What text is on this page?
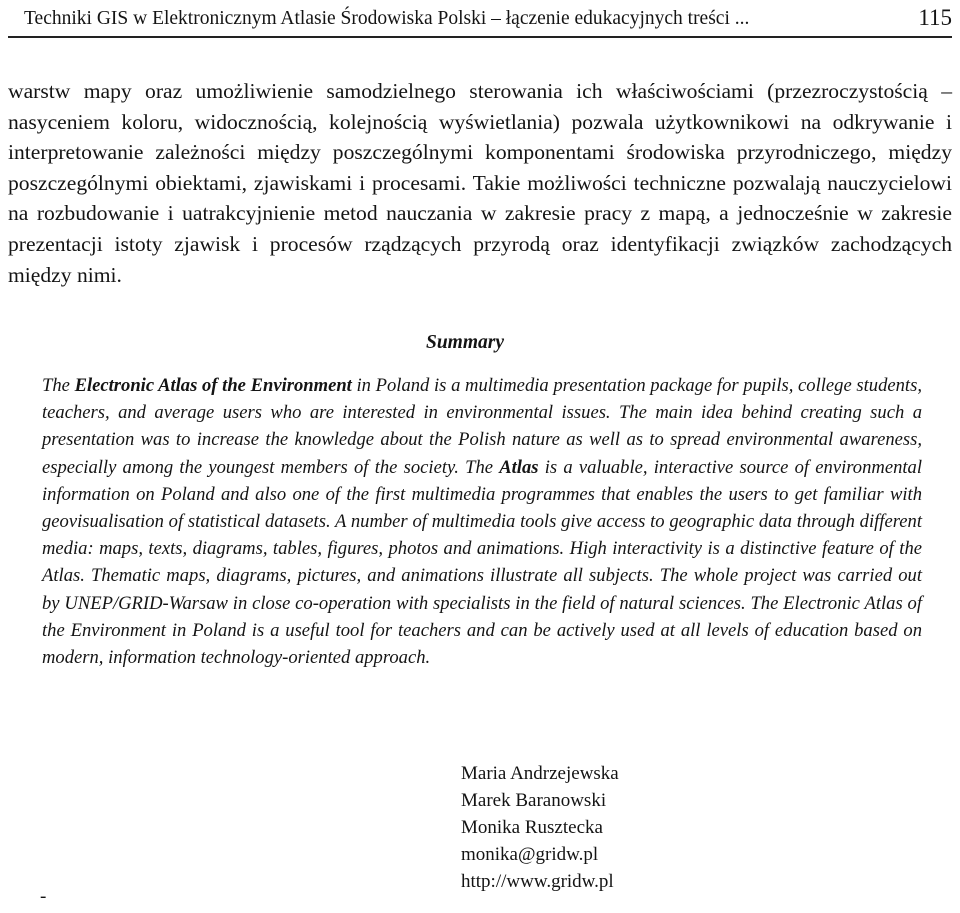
Techniki GIS w Elektronicznym Atlasie Środowiska Polski – łączenie edukacyjnych treści ...	115

warstw mapy oraz umożliwienie samodzielnego sterowania ich właściwościami (przezroczystością – nasyceniem koloru, widocznością, kolejnością wyświetlania) pozwala użytkownikowi na odkrywanie i interpretowanie zależności między poszczególnymi komponentami środowiska przyrodniczego, między poszczególnymi obiektami, zjawiskami i procesami. Takie możliwości techniczne pozwalają nauczycielowi na rozbudowanie i uatrakcyjnienie metod nauczania w zakresie pracy z mapą, a jednocześnie w zakresie prezentacji istoty zjawisk i procesów rządzących przyrodą oraz identyfikacji związków zachodzących między nimi.

Summary

The Electronic Atlas of the Environment in Poland is a multimedia presentation package for pupils, college students, teachers, and average users who are interested in environmental issues. The main idea behind creating such a presentation was to increase the knowledge about the Polish nature as well as to spread environmental awareness, especially among the youngest members of the society. The Atlas is a valuable, interactive source of environmental information on Poland and also one of the first multimedia programmes that enables the users to get familiar with geovisualisation of statistical datasets. A number of multimedia tools give access to geographic data through different media: maps, texts, diagrams, tables, figures, photos and animations. High interactivity is a distinctive feature of the Atlas. Thematic maps, diagrams, pictures, and animations illustrate all subjects. The whole project was carried out by UNEP/GRID-Warsaw in close co-operation with specialists in the field of natural sciences. The Electronic Atlas of the Environment in Poland is a useful tool for teachers and can be actively used at all levels of education based on modern, information technology-oriented approach.

Maria Andrzejewska
Marek Baranowski
Monika Rusztecka
monika@gridw.pl
http://www.gridw.pl
-
